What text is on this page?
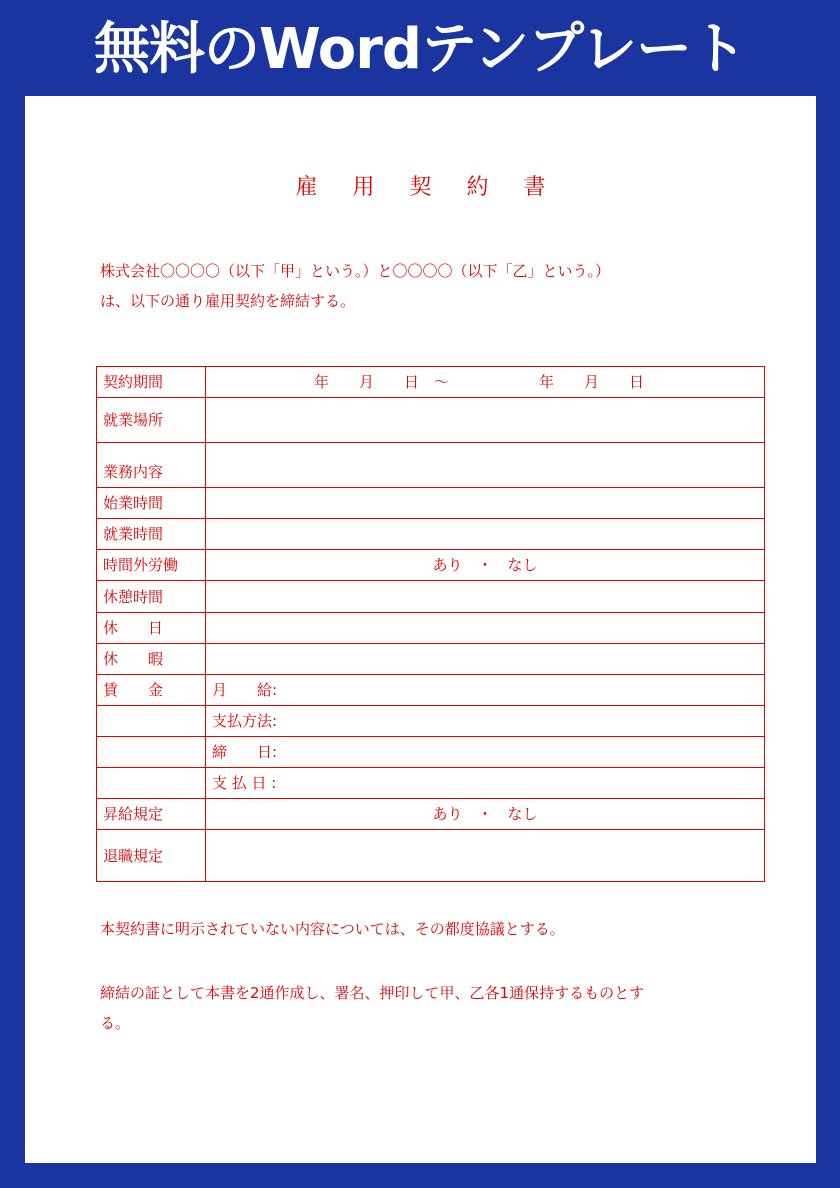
無料のWordテンプレート
雇 用 契 約 書
株式会社〇〇〇〇（以下「甲」という。）と〇〇〇〇（以下「乙」という。）
は、以下の通り雇用契約を締結する。
契約期間	年　　月　　日　〜　　　　　　年　　月　　日
就業場所	
業務内容	
始業時間	
就業時間	
時間外労働	あり　・　なし
休憩時間	
休　　日	
休　　暇	
賃　　金	月　　給:
	支払方法:
	締　　日:
	支 払 日 :
昇給規定	あり　・　なし
退職規定	
本契約書に明示されていない内容については、その都度協議とする。
締結の証として本書を2通作成し、署名、押印して甲、乙各1通保持するものとす
る。
